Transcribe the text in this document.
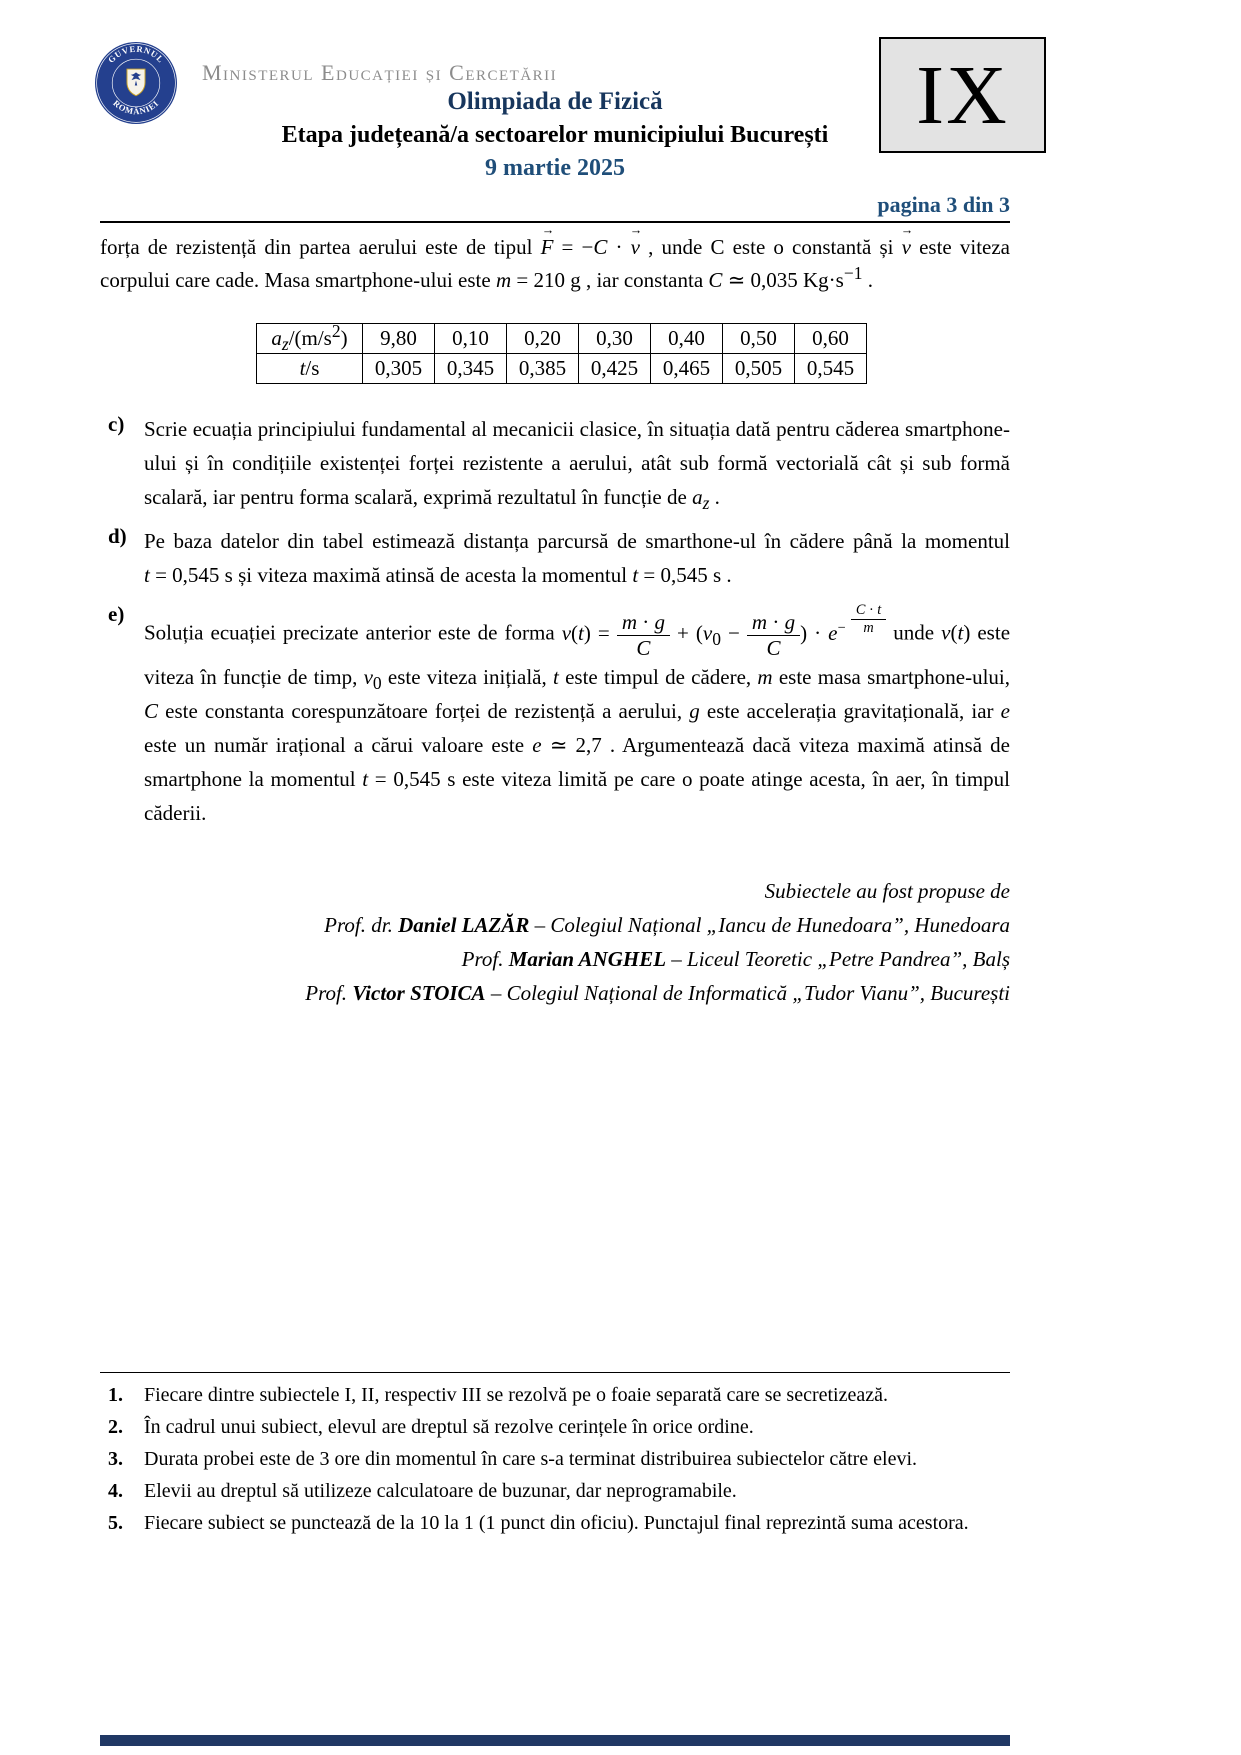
GUVERNUL
ROMÂNIEI
Ministerul Educației și Cercetării	IX
Olimpiada de Fizică
Etapa județeană/a sectoarelor municipiului București
9 martie 2025
pagina 3 din 3

forța de rezistență din partea aerului este de tipul F → = −C · v → , unde C este o constantă și v → este viteza corpului care cade. Masa smartphone-ului este m = 210 g , iar constanta C ≃ 0,035 $Kg\cdot s^{-1}$ .

$a_z/(m/s^2)$	9,80	0,10	0,20	0,30	0,40	0,50	0,60
t/s	0,305	0,345	0,385	0,425	0,465	0,505	0,545
c) Scrie ecuația principiului fundamental al mecanicii clasice, în situația dată pentru căderea smartphone-ului și în condițiile existenței forței rezistente a aerului, atât sub formă vectorială cât și sub formă scalară, iar pentru forma scalară, exprimă rezultatul în funcție de $a_z$ .
d) Pe baza datelor din tabel estimează distanța parcursă de smarthone-ul în cădere până la momentul t = 0,545 s și viteza maximă atinsă de acesta la momentul t = 0,545 s .
e)
Soluția ecuației precizate anterior este de forma $v(t) = \frac{m \cdot g}{C} + (v_0 - \frac{m \cdot g}{C}$ ) · $e^{- \frac{C \cdot t}{m}}$ unde v(t) este viteza în funcție de timp, $v_0$ este viteza inițială, t este timpul de cădere, m este masa smartphone-ului, C este constanta corespunzătoare forței de rezistență a aerului, g este accelerația gravitațională, iar e este un număr irațional a cărui valoare este e ≃ 2,7 . Argumentează dacă viteza maximă atinsă de smartphone la momentul t = 0,545 s este viteza limită pe care o poate atinge acesta, în aer, în timpul căderii.
Subiectele au fost propuse de
Prof. dr. Daniel LAZĂR – Colegiul Național „Iancu de Hunedoara”, Hunedoara
Prof. Marian ANGHEL – Liceul Teoretic „Petre Pandrea”, Balș
Prof. Victor STOICA – Colegiul Național de Informatică „Tudor Vianu”, București
1.	Fiecare dintre subiectele I, II, respectiv III se rezolvă pe o foaie separată care se secretizează.
2.	În cadrul unui subiect, elevul are dreptul să rezolve cerințele în orice ordine.
3.	Durata probei este de 3 ore din momentul în care s-a terminat distribuirea subiectelor către elevi.
4.	Elevii au dreptul să utilizeze calculatoare de buzunar, dar neprogramabile.
5.	Fiecare subiect se punctează de la 10 la 1 (1 punct din oficiu). Punctajul final reprezintă suma acestora.
